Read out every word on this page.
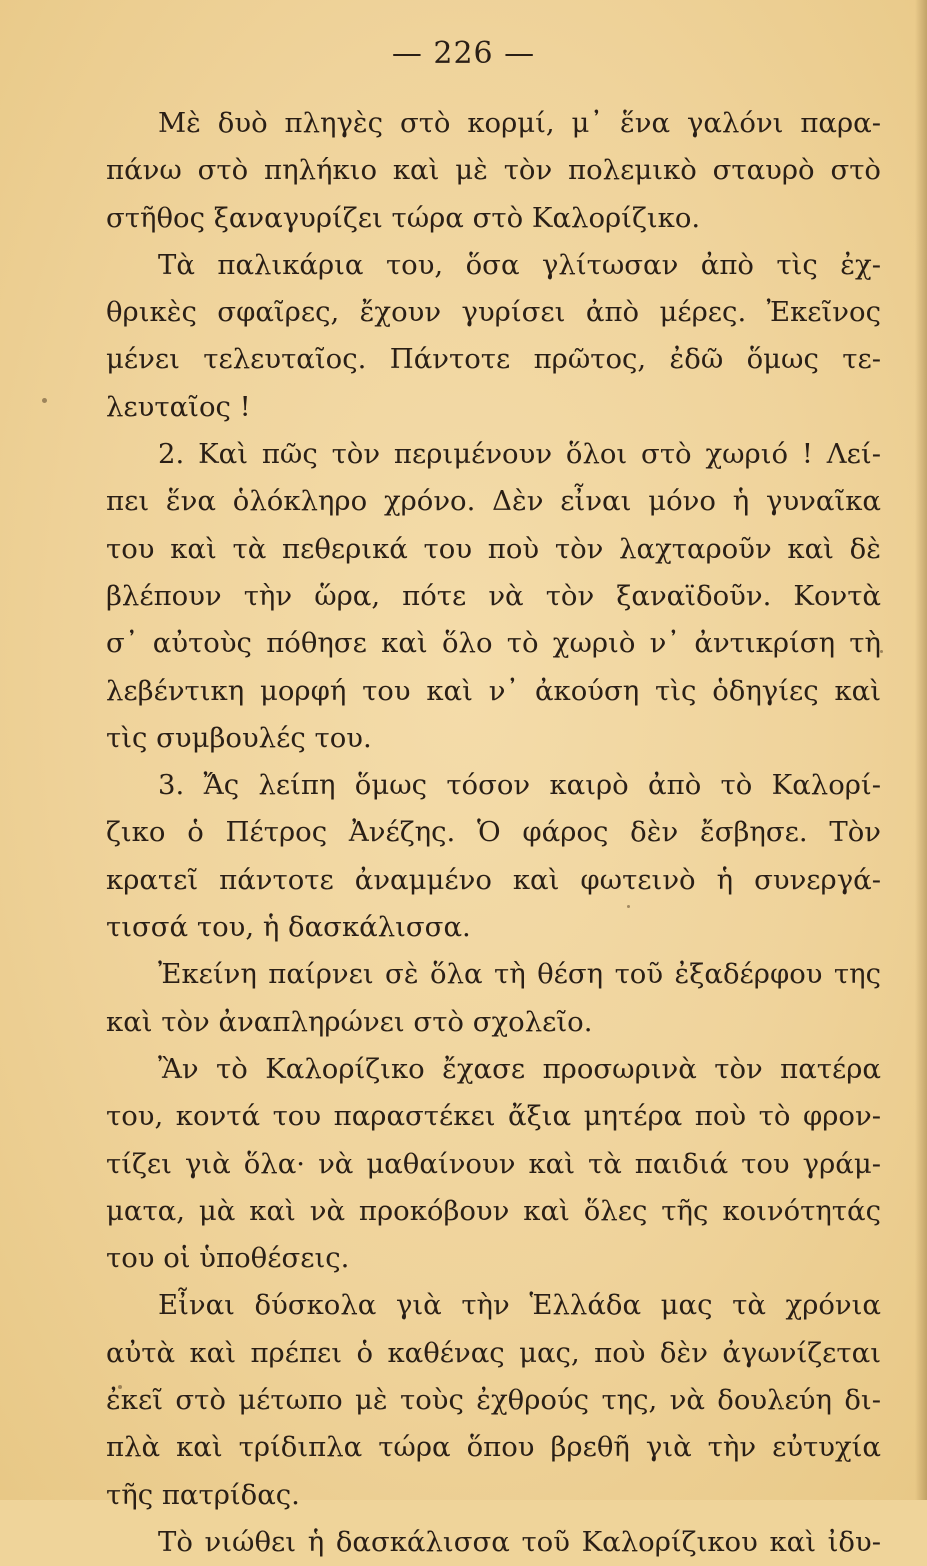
— 226 —
Μὲ δυὸ πληγὲς στὸ κορμί, μ᾽ ἕνα γαλόνι παρα-
πάνω στὸ πηλήκιο καὶ μὲ τὸν πολεμικὸ σταυρὸ στὸ
στῆθος ξαναγυρίζει τώρα στὸ Καλορίζικο.
Τὰ παλικάρια του, ὅσα γλίτωσαν ἀπὸ τὶς ἐχ-
θρικὲς σφαῖρες, ἔχουν γυρίσει ἀπὸ μέρες. Ἐκεῖνος
μένει τελευταῖος. Πάντοτε πρῶτος, ἐδῶ ὅμως τε-
λευταῖος !
2. Καὶ πῶς τὸν περιμένουν ὅλοι στὸ χωριό ! Λεί-
πει ἕνα ὁλόκληρο χρόνο. Δὲν εἶναι μόνο ἡ γυναῖκα
του καὶ τὰ πεθερικά του ποὺ τὸν λαχταροῦν καὶ δὲ
βλέπουν τὴν ὥρα, πότε νὰ τὸν ξαναϊδοῦν. Κοντὰ
σ᾽ αὐτοὺς πόθησε καὶ ὅλο τὸ χωριὸ ν᾽ ἀντικρίση τὴ
λεβέντικη μορφή του καὶ ν᾽ ἀκούση τὶς ὁδηγίες καὶ
τὶς συμβουλές του.
3. Ἄς λείπη ὅμως τόσον καιρὸ ἀπὸ τὸ Καλορί-
ζικο ὁ Πέτρος Ἀνέζης. Ὁ φάρος δὲν ἔσβησε. Τὸν
κρατεῖ πάντοτε ἀναμμένο καὶ φωτεινὸ ἡ συνεργά-
τισσά του, ἡ δασκάλισσα.
Ἐκείνη παίρνει σὲ ὅλα τὴ θέση τοῦ ἐξαδέρφου της
καὶ τὸν ἀναπληρώνει στὸ σχολεῖο.
Ἂν τὸ Καλορίζικο ἔχασε προσωρινὰ τὸν πατέρα
του, κοντά του παραστέκει ἄξια μητέρα ποὺ τὸ φρον-
τίζει γιὰ ὅλα· νὰ μαθαίνουν καὶ τὰ παιδιά του γράμ-
ματα, μὰ καὶ νὰ προκόβουν καὶ ὅλες τῆς κοινότητάς
του οἱ ὑποθέσεις.
Εἶναι δύσκολα γιὰ τὴν Ἑλλάδα μας τὰ χρόνια
αὐτὰ καὶ πρέπει ὁ καθένας μας, ποὺ δὲν ἀγωνίζεται
ἐκεῖ στὸ μέτωπο μὲ τοὺς ἐχθρούς της, νὰ δουλεύη δι-
πλὰ καὶ τρίδιπλα τώρα ὅπου βρεθῆ γιὰ τὴν εὐτυχία
τῆς πατρίδας.
Τὸ νιώθει ἡ δασκάλισσα τοῦ Καλορίζικου καὶ ἰδυ-
